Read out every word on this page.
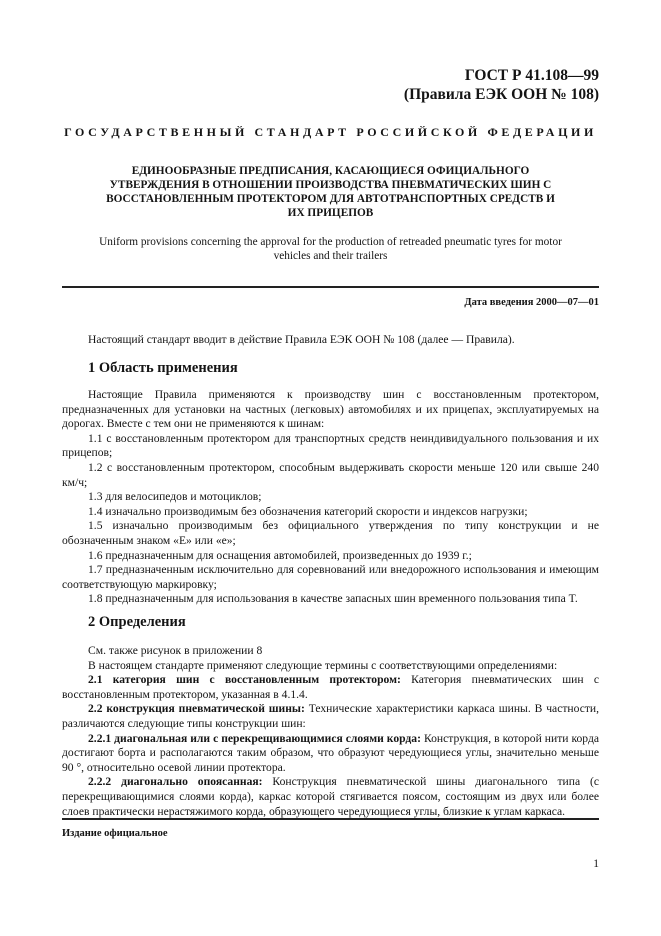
ГОСТ Р 41.108—99
(Правила ЕЭК ООН № 108)
ГОСУДАРСТВЕННЫЙ СТАНДАРТ РОССИЙСКОЙ ФЕДЕРАЦИИ
ЕДИНООБРАЗНЫЕ ПРЕДПИСАНИЯ, КАСАЮЩИЕСЯ ОФИЦИАЛЬНОГО
УТВЕРЖДЕНИЯ В ОТНОШЕНИИ ПРОИЗВОДСТВА ПНЕВМАТИЧЕСКИХ ШИН С
ВОССТАНОВЛЕННЫМ ПРОТЕКТОРОМ ДЛЯ АВТОТРАНСПОРТНЫХ СРЕДСТВ И
ИХ ПРИЦЕПОВ
Uniform provisions concerning the approval for the production of retreaded pneumatic tyres for motor
vehicles and their trailers
Дата введения 2000—07—01

Настоящий стандарт вводит в действие Правила ЕЭК ООН № 108 (далее — Правила).

1 Область применения

Настоящие Правила применяются к производству шин с восстановленным протектором, предназначенных для установки на частных (легковых) автомобилях и их прицепах, эксплуатируемых на дорогах. Вместе с тем они не применяются к шинам:

1.1 с восстановленным протектором для транспортных средств неиндивидуального пользования и их прицепов;

1.2 с восстановленным протектором, способным выдерживать скорости меньше 120 или свыше 240 км/ч;

1.3 для велосипедов и мотоциклов;

1.4 изначально производимым без обозначения категорий скорости и индексов нагрузки;

1.5 изначально производимым без официального утверждения по типу конструкции и не обозначенным знаком «E» или «e»;

1.6 предназначенным для оснащения автомобилей, произведенных до 1939 г.;

1.7 предназначенным исключительно для соревнований или внедорожного использования и имеющим соответствующую маркировку;

1.8 предназначенным для использования в качестве запасных шин временного пользования типа T.

2 Определения

См. также рисунок в приложении 8

В настоящем стандарте применяют следующие термины с соответствующими определениями:

2.1 категория шин с восстановленным протектором: Категория пневматических шин с восстановленным протектором, указанная в 4.1.4.

2.2 конструкция пневматической шины: Технические характеристики каркаса шины. В частности, различаются следующие типы конструкции шин:

2.2.1 диагональная или с перекрещивающимися слоями корда: Конструкция, в которой нити корда достигают борта и располагаются таким образом, что образуют чередующиеся углы, значительно меньше 90 °, относительно осевой линии протектора.

2.2.2 диагонально опоясанная: Конструкция пневматической шины диагонального типа (с перекрещивающимися слоями корда), каркас которой стягивается поясом, состоящим из двух или более слоев практически нерастяжимого корда, образующего чередующиеся углы, близкие к углам каркаса.

Издание официальное
1
